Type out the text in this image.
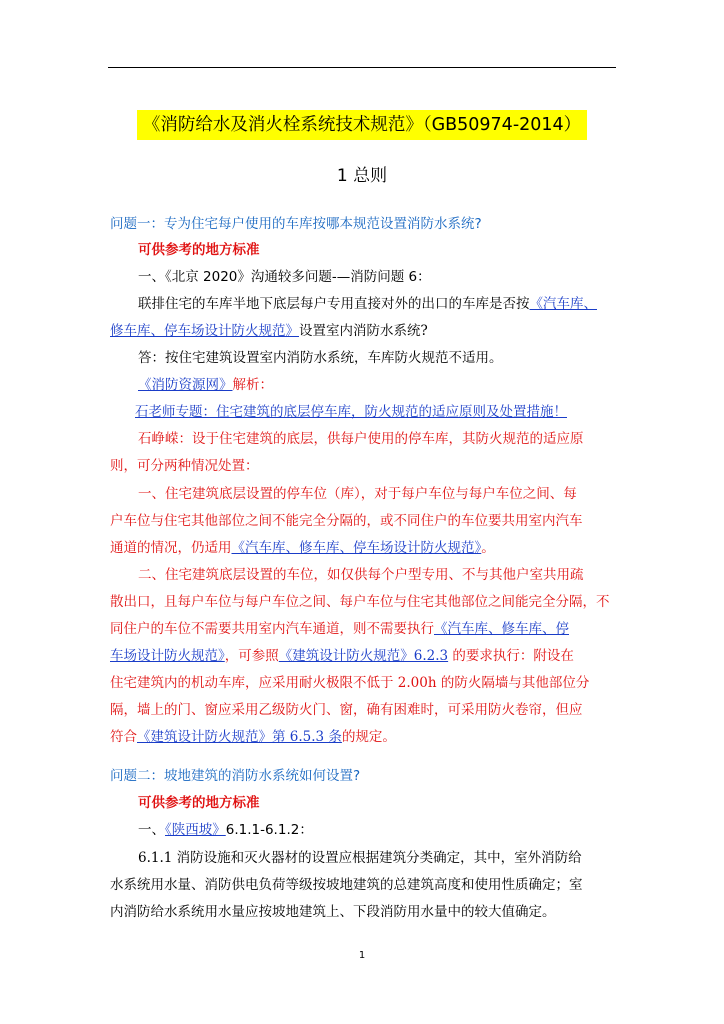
《消防给水及消火栓系统技术规范》（GB50974-2014）
1 总则
问题一：专为住宅每户使用的车库按哪本规范设置消防水系统?
可供参考的地方标准
一、《北京 2020》沟通较多问题-—消防问题 6：
联排住宅的车库半地下底层每户专用直接对外的出口的车库是否按《汽车库、
修车库、停车场设计防火规范》设置室内消防水系统?
答：按住宅建筑设置室内消防水系统，车库防火规范不适用。
《消防资源网》解析：
石老师专题：住宅建筑的底层停车库，防火规范的适应原则及处置措施！
石峥嵘：设于住宅建筑的底层，供每户使用的停车库，其防火规范的适应原
则，可分两种情况处置：
一、住宅建筑底层设置的停车位（库），对于每户车位与每户车位之间、每
户车位与住宅其他部位之间不能完全分隔的，或不同住户的车位要共用室内汽车
通道的情况，仍适用《汽车库、修车库、停车场设计防火规范》。
二、住宅建筑底层设置的车位，如仅供每个户型专用、不与其他户室共用疏
散出口，且每户车位与每户车位之间、每户车位与住宅其他部位之间能完全分隔，不
同住户的车位不需要共用室内汽车通道，则不需要执行《汽车库、修车库、停
车场设计防火规范》，可参照《建筑设计防火规范》6.2.3 的要求执行：附设在
住宅建筑内的机动车库，应采用耐火极限不低于 2.00h 的防火隔墙与其他部位分
隔，墙上的门、窗应采用乙级防火门、窗，确有困难时，可采用防火卷帘，但应
符合《建筑设计防火规范》第 6.5.3 条的规定。
问题二：坡地建筑的消防水系统如何设置?
可供参考的地方标准
一、《陕西坡》6.1.1-6.1.2：
6.1.1 消防设施和灭火器材的设置应根据建筑分类确定，其中，室外消防给
水系统用水量、消防供电负荷等级按坡地建筑的总建筑高度和使用性质确定；室
内消防给水系统用水量应按坡地建筑上、下段消防用水量中的较大值确定。
1
